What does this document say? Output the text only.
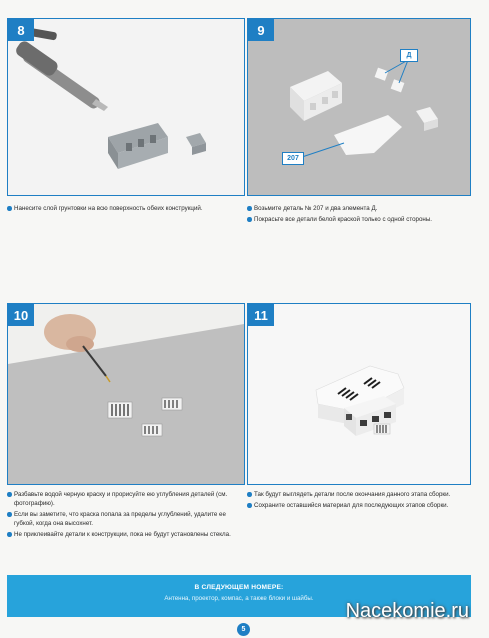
8
Нанесите слой грунтовки на всю поверхность обеих конструкций.
9
Д
207
Возьмите деталь № 207 и два элемента Д.
Покрасьте все детали белой краской только с одной стороны.
10
Разбавьте водой черную краску и прорисуйте ею углубления деталей (см. фотографию).
Если вы заметите, что краска попала за пределы углублений, удалите ее губкой, когда она высохнет.
Не приклеивайте детали к конструкции, пока не будут установлены стекла.
11
Так будут выглядеть детали после окончания данного этапа сборки.
Сохраните оставшийся материал для последующих этапов сборки.
В СЛЕДУЮЩЕМ НОМЕРЕ:
Антенна, проектор, компас, а также блоки и шайбы.
Nacekomie.ru
5
